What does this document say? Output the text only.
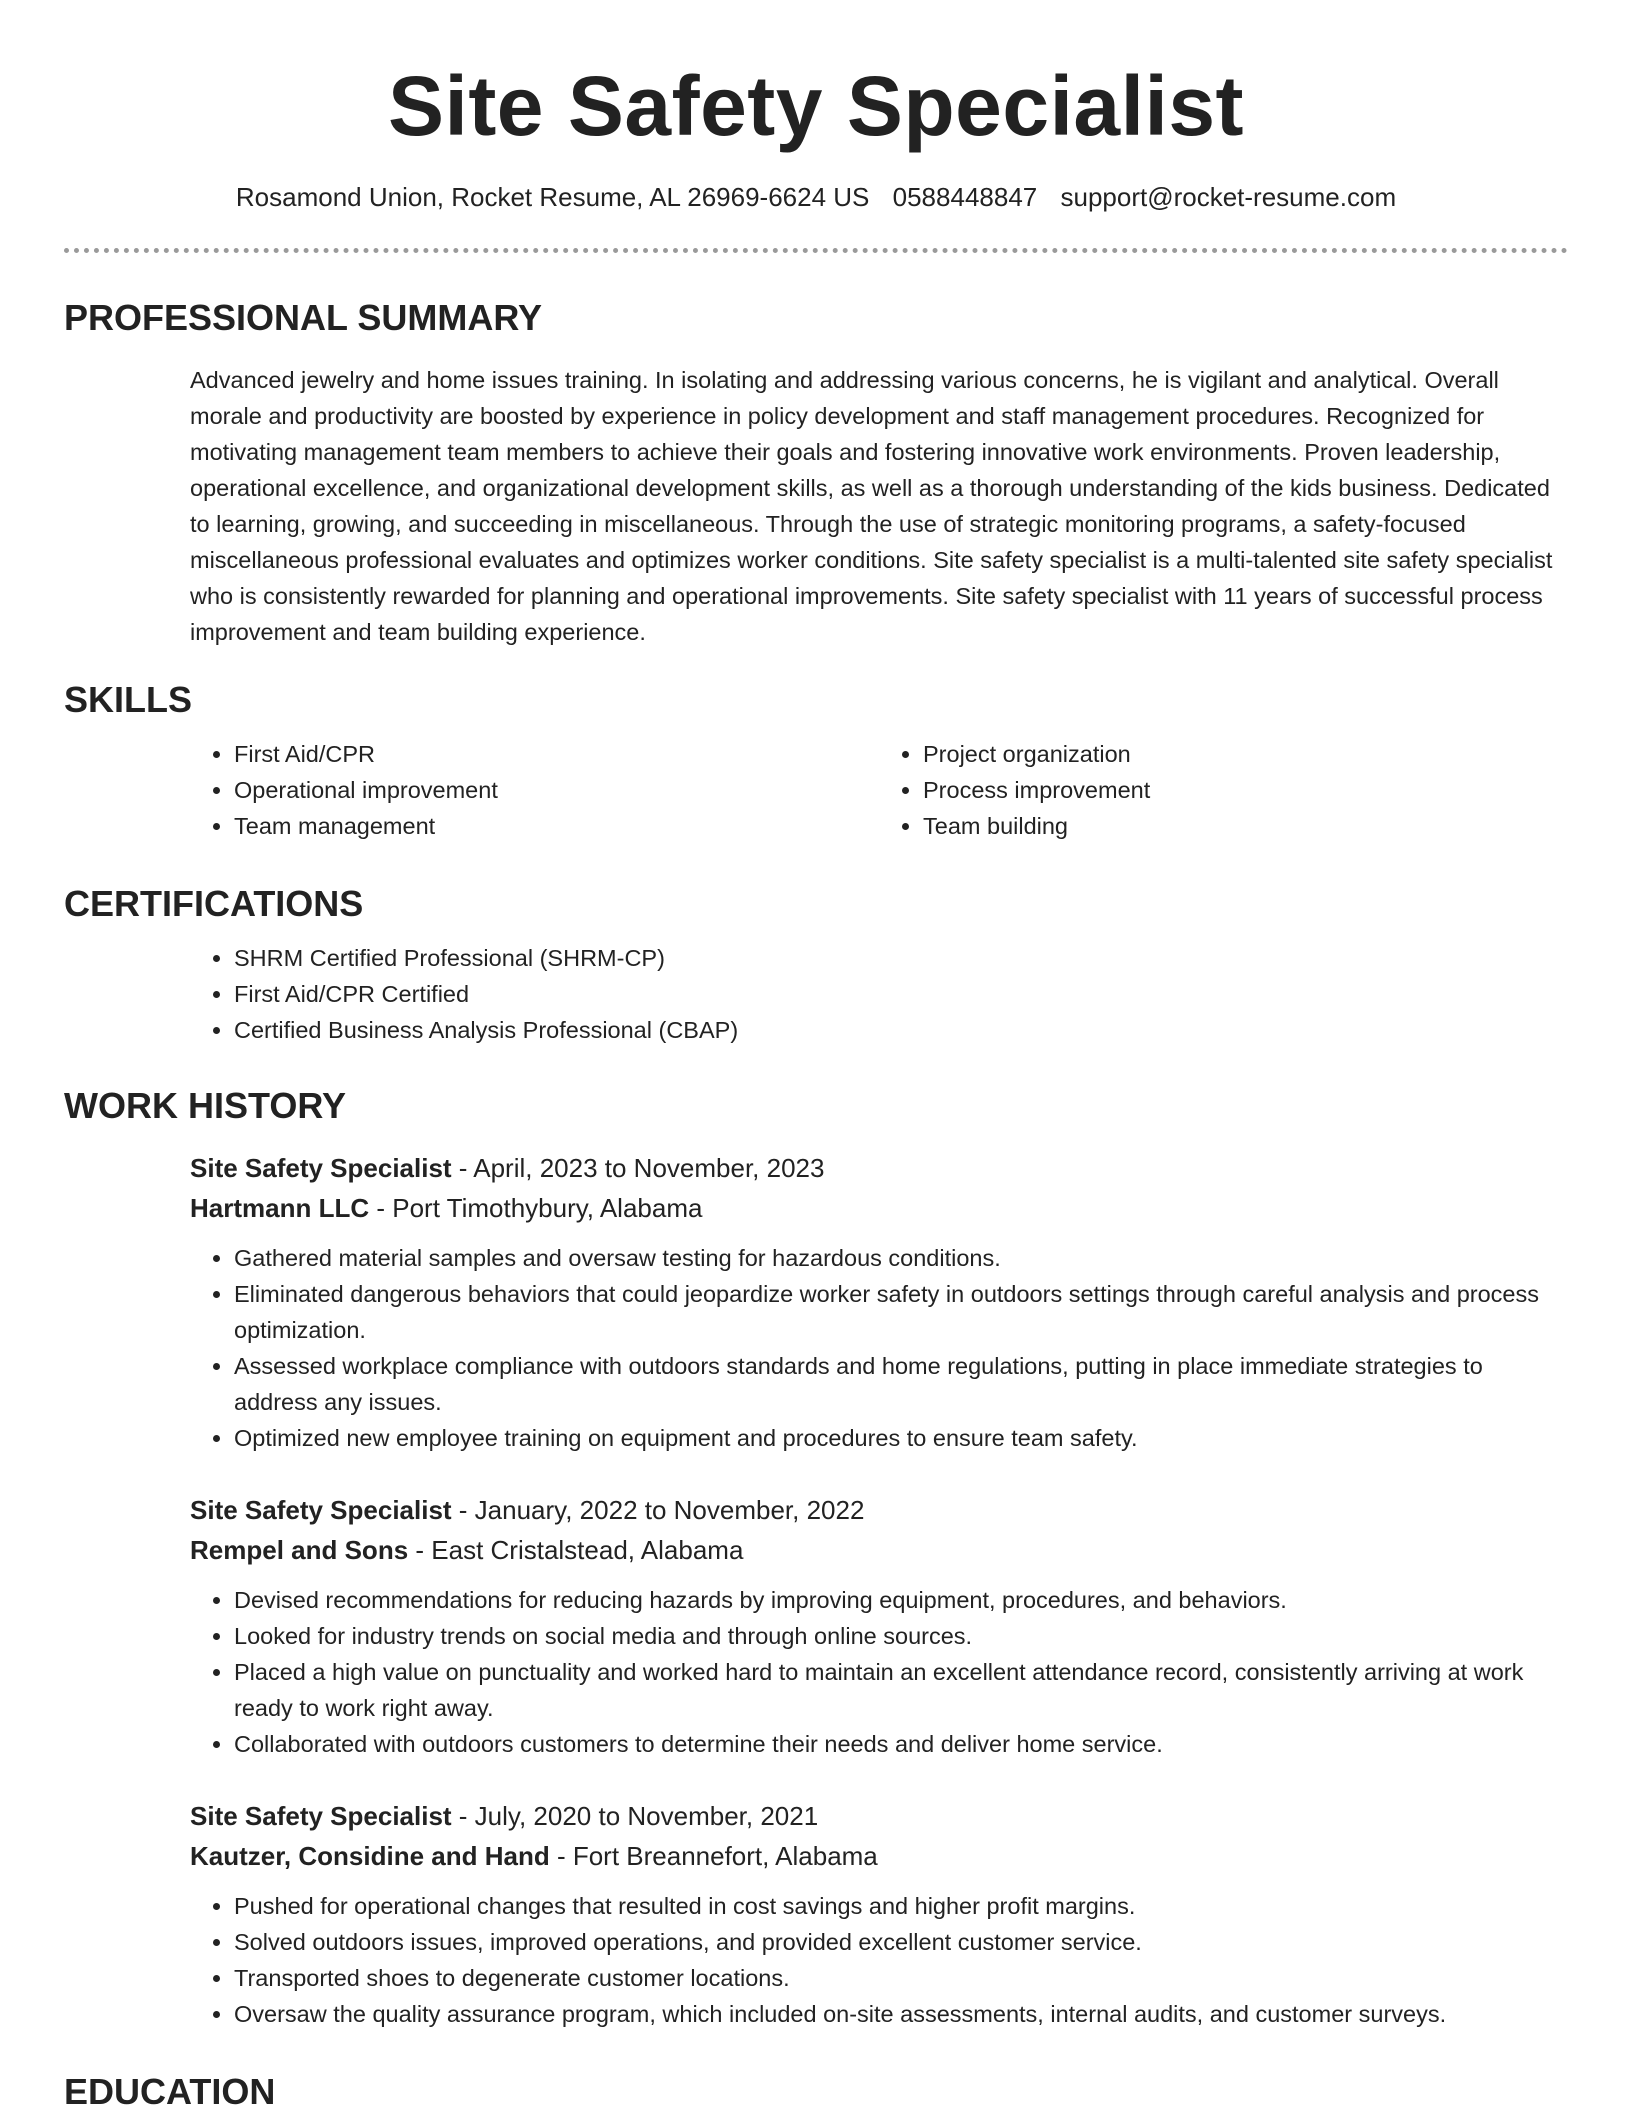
Site Safety Specialist
Rosamond Union, Rocket Resume, AL 26969-6624 US 0588448847 support@rocket-resume.com
PROFESSIONAL SUMMARY
Advanced jewelry and home issues training. In isolating and addressing various concerns, he is vigilant and analytical. Overall morale and productivity are boosted by experience in policy development and staff management procedures. Recognized for motivating management team members to achieve their goals and fostering innovative work environments. Proven leadership, operational excellence, and organizational development skills, as well as a thorough understanding of the kids business. Dedicated to learning, growing, and succeeding in miscellaneous. Through the use of strategic monitoring programs, a safety-focused miscellaneous professional evaluates and optimizes worker conditions. Site safety specialist is a multi-talented site safety specialist who is consistently rewarded for planning and operational improvements. Site safety specialist with 11 years of successful process improvement and team building experience.
SKILLS
• First Aid/CPR
• Operational improvement
• Team management
• Project organization
• Process improvement
• Team building
CERTIFICATIONS
• SHRM Certified Professional (SHRM-CP)
• First Aid/CPR Certified
• Certified Business Analysis Professional (CBAP)
WORK HISTORY
Site Safety Specialist - April, 2023 to November, 2023
Hartmann LLC - Port Timothybury, Alabama
• Gathered material samples and oversaw testing for hazardous conditions.
• Eliminated dangerous behaviors that could jeopardize worker safety in outdoors settings through careful analysis and process optimization.
• Assessed workplace compliance with outdoors standards and home regulations, putting in place immediate strategies to address any issues.
• Optimized new employee training on equipment and procedures to ensure team safety.
Site Safety Specialist - January, 2022 to November, 2022
Rempel and Sons - East Cristalstead, Alabama
• Devised recommendations for reducing hazards by improving equipment, procedures, and behaviors.
• Looked for industry trends on social media and through online sources.
• Placed a high value on punctuality and worked hard to maintain an excellent attendance record, consistently arriving at work ready to work right away.
• Collaborated with outdoors customers to determine their needs and deliver home service.
Site Safety Specialist - July, 2020 to November, 2021
Kautzer, Considine and Hand - Fort Breannefort, Alabama
• Pushed for operational changes that resulted in cost savings and higher profit margins.
• Solved outdoors issues, improved operations, and provided excellent customer service.
• Transported shoes to degenerate customer locations.
• Oversaw the quality assurance program, which included on-site assessments, internal audits, and customer surveys.
EDUCATION
